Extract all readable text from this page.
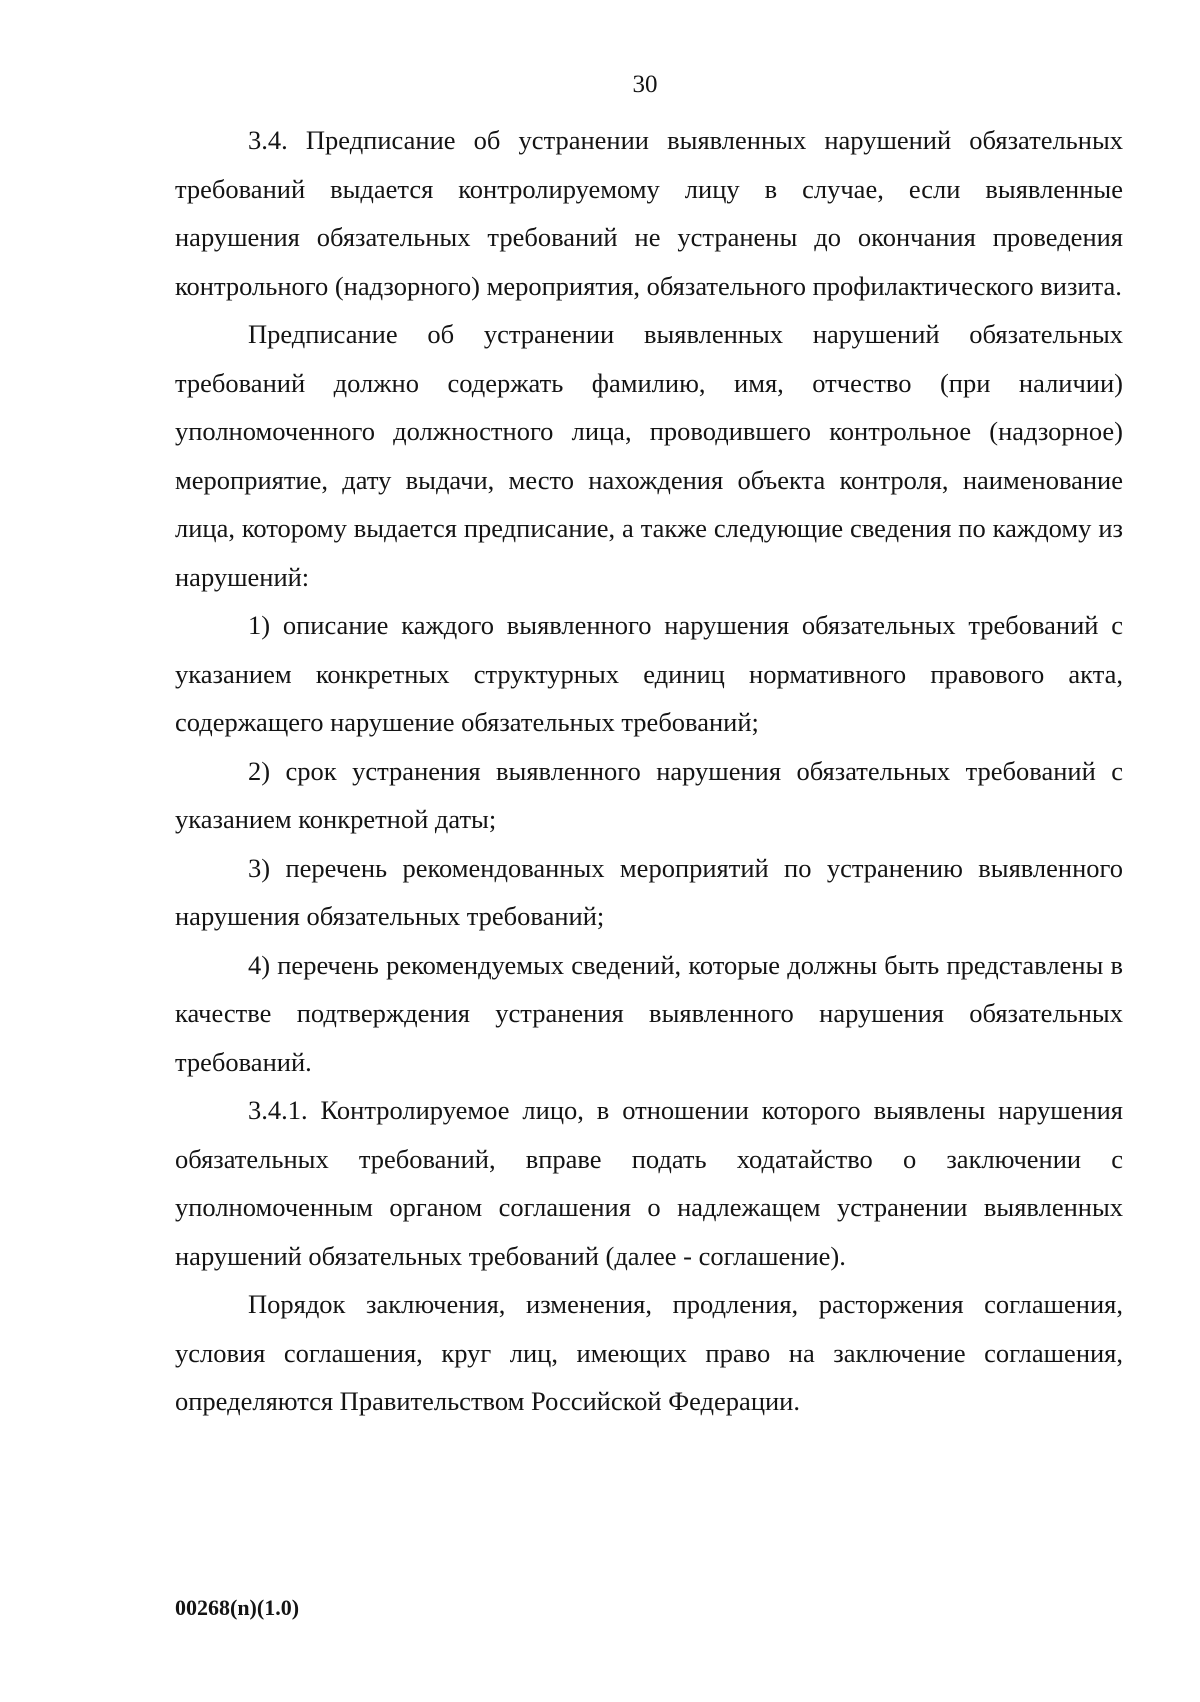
30

3.4. Предписание об устранении выявленных нарушений обязательных требований выдается контролируемому лицу в случае, если выявленные нарушения обязательных требований не устранены до окончания проведения контрольного (надзорного) мероприятия, обязательного профилактического визита.

Предписание об устранении выявленных нарушений обязательных требований должно содержать фамилию, имя, отчество (при наличии) уполномоченного должностного лица, проводившего контрольное (надзорное) мероприятие, дату выдачи, место нахождения объекта контроля, наименование лица, которому выдается предписание, а также следующие сведения по каждому из нарушений:

1) описание каждого выявленного нарушения обязательных требований с указанием конкретных структурных единиц нормативного правового акта, содержащего нарушение обязательных требований;

2) срок устранения выявленного нарушения обязательных требований с указанием конкретной даты;

3) перечень рекомендованных мероприятий по устранению выявленного нарушения обязательных требований;

4) перечень рекомендуемых сведений, которые должны быть представлены в качестве подтверждения устранения выявленного нарушения обязательных требований.

3.4.1. Контролируемое лицо, в отношении которого выявлены нарушения обязательных требований, вправе подать ходатайство о заключении с уполномоченным органом соглашения о надлежащем устранении выявленных нарушений обязательных требований (далее - соглашение).

Порядок заключения, изменения, продления, расторжения соглашения, условия соглашения, круг лиц, имеющих право на заключение соглашения, определяются Правительством Российской Федерации.

00268(n)(1.0)
